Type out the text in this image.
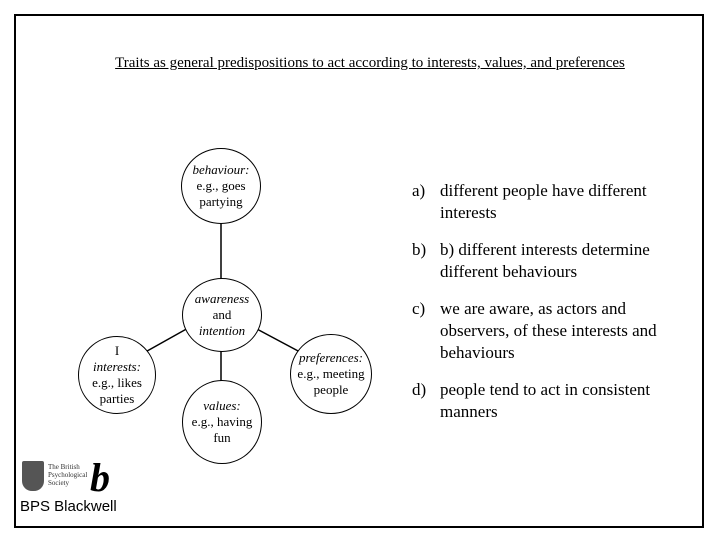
Traits as general predispositions to act according to interests, values, and preferences
behaviour:
e.g., goes partying
awareness
and
intention
I
interests:
e.g., likes parties	values:
e.g., having fun
preferences:
e.g., meeting people
a) different people have different interests
b) b) different interests determine different behaviours
c) we are aware, as actors and observers, of these interests and behaviours
d) people tend to act in consistent manners
The British Psychological Society b
BPS Blackwell
